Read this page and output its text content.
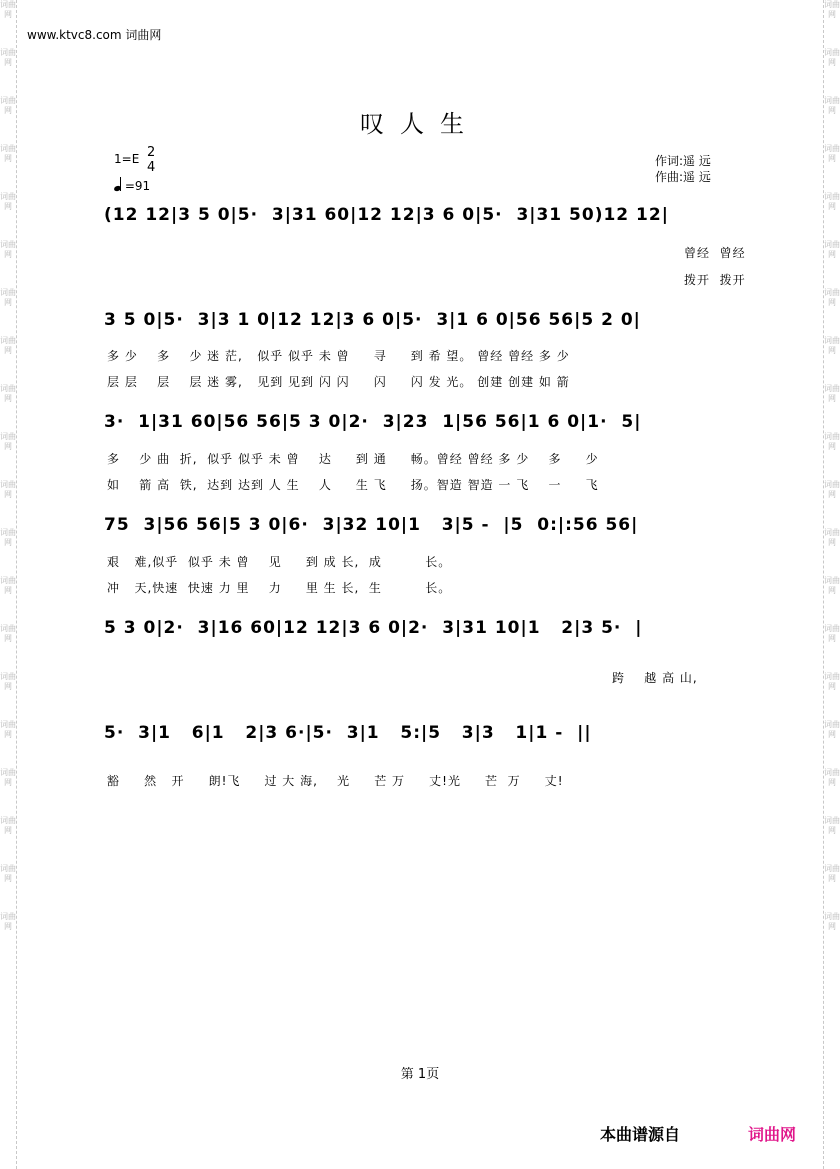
词曲网
词曲网
词曲网
词曲网
词曲网
词曲网
词曲网
词曲网
词曲网
词曲网
词曲网
词曲网
词曲网
词曲网
词曲网
词曲网
词曲网
词曲网
词曲网
词曲网
词曲网
词曲网
词曲网
词曲网
词曲网
词曲网
词曲网
词曲网
词曲网
词曲网
词曲网
词曲网
词曲网
词曲网
词曲网
词曲网
词曲网
词曲网
词曲网
词曲网
www.ktvc8.com 词曲网
叹人生
1=E 2
4
=91
作词:遥 远
作曲:遥 远

(12 12|3 5 0|5·  3|31 60|12 12|3 6 0|5·  3|31 50)12 12|

曾经  曾经
拨开  拨开

3 5 0|5·  3|3 1 0|12 12|3 6 0|5·  3|1 6 0|56 56|5 2 0|

多 少    多    少 迷 茫,   似乎 似乎 未 曾     寻     到 希 望。 曾经 曾经 多 少
层 层    层    层 迷 雾,   见到 见到 闪 闪     闪     闪 发 光。 创建 创建 如 箭

3·  1|31 60|56 56|5 3 0|2·  3|23  1|56 56|1 6 0|1·  5|

多    少 曲  折,  似乎 似乎 未 曾    达     到 通     畅。曾经 曾经 多 少    多     少
如    箭 高  铁,  达到 达到 人 生    人     生 飞     扬。智造 智造 一 飞    一     飞

75  3|56 56|5 3 0|6·  3|32 10|1   3|5 -  |5  0:|:56 56|

艰   难,似乎  似乎 未 曾    见     到 成 长,  成         长。
冲   天,快速  快速 力 里    力     里 生 长,  生         长。

5 3 0|2·  3|16 60|12 12|3 6 0|2·  3|31 10|1   2|3 5·  |

跨    越 高 山,

5·  3|1   6|1   2|3 6·|5·  3|1   5:|5   3|3   1|1 -  ||

豁     然   开     朗!飞     过 大 海,    光     芒 万     丈!光     芒  万     丈!
第 1页
本曲谱源自	词曲网
